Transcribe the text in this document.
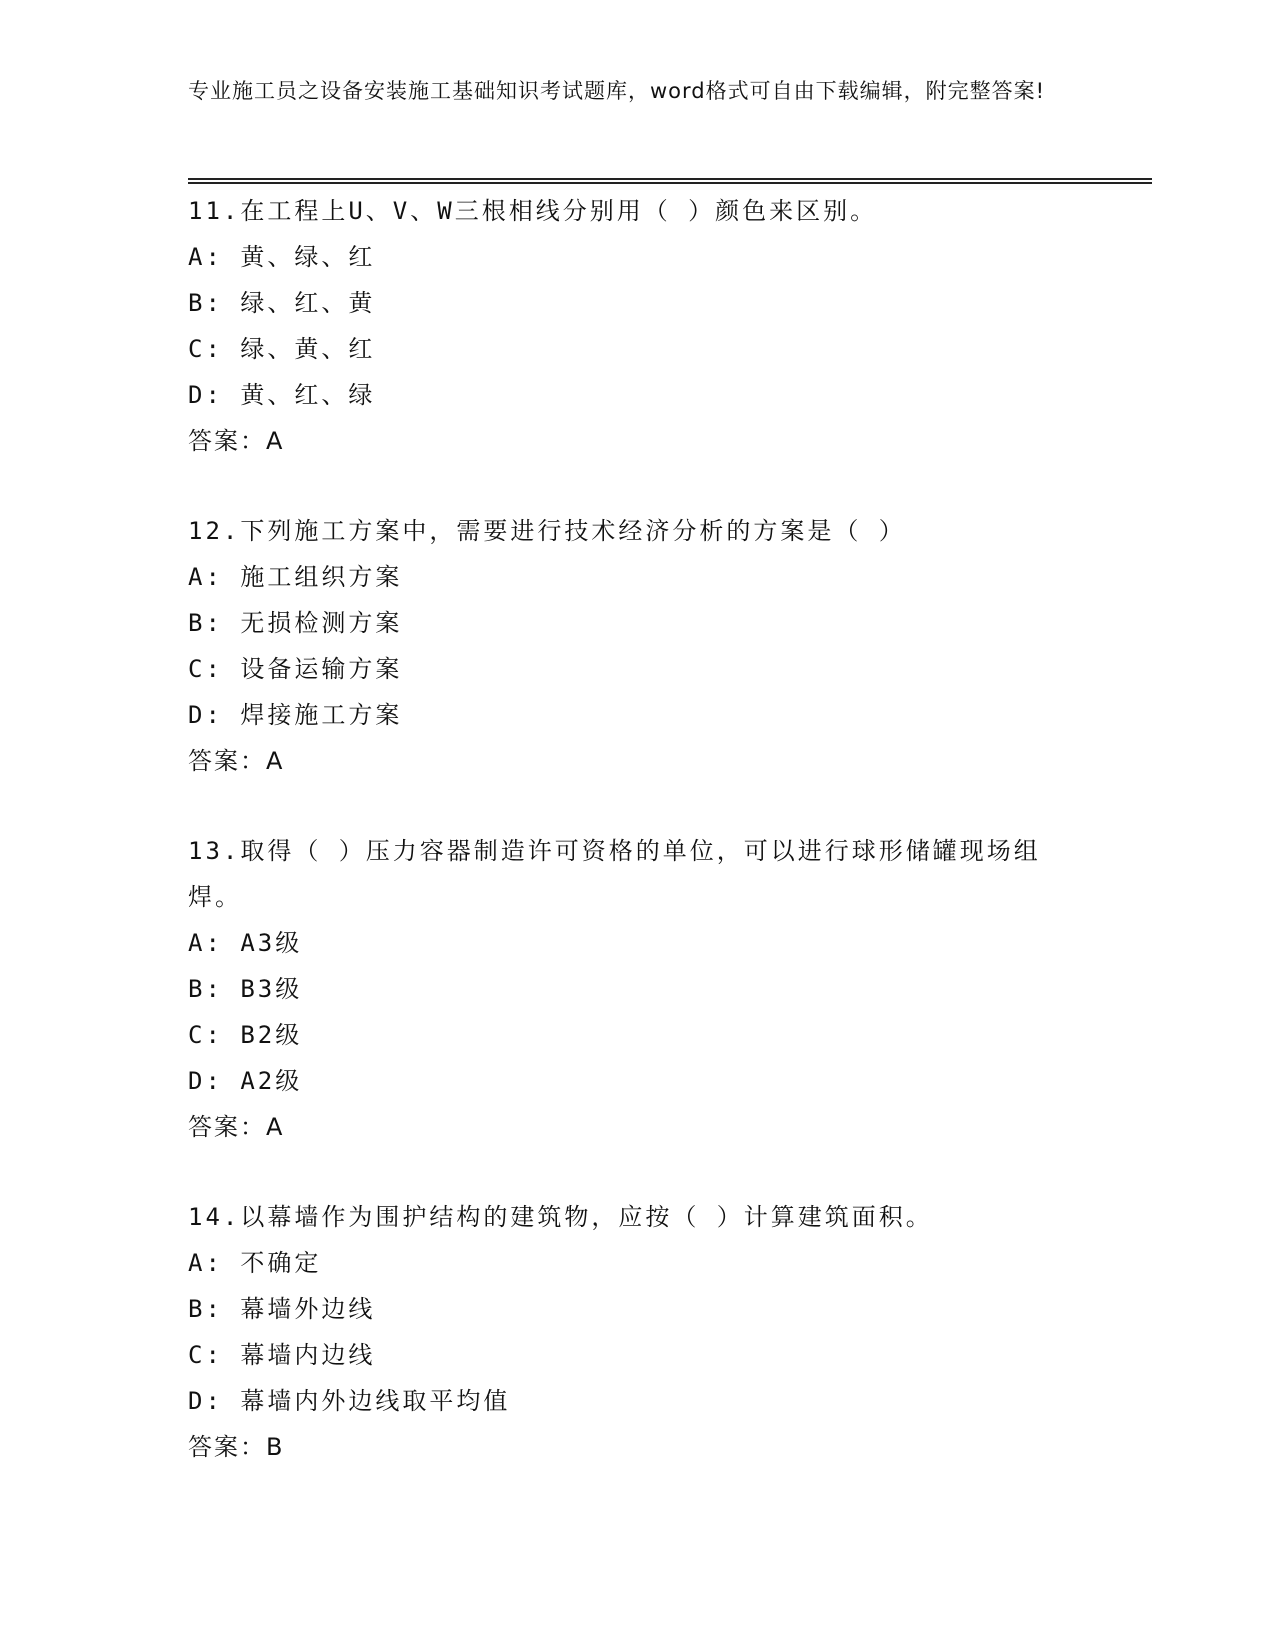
专业施工员之设备安装施工基础知识考试题库，word格式可自由下载编辑，附完整答案!
11.在工程上U、V、W三根相线分别用（ ）颜色来区别。
A: 黄、绿、红
B: 绿、红、黄
C: 绿、黄、红
D: 黄、红、绿
答案：A
12.下列施工方案中，需要进行技术经济分析的方案是（ ）
A: 施工组织方案
B: 无损检测方案
C: 设备运输方案
D: 焊接施工方案
答案：A
13.取得（ ）压力容器制造许可资格的单位，可以进行球形储罐现场组焊。
A: A3级
B: B3级
C: B2级
D: A2级
答案：A
14.以幕墙作为围护结构的建筑物，应按（ ）计算建筑面积。
A: 不确定
B: 幕墙外边线
C: 幕墙内边线
D: 幕墙内外边线取平均值
答案：B
